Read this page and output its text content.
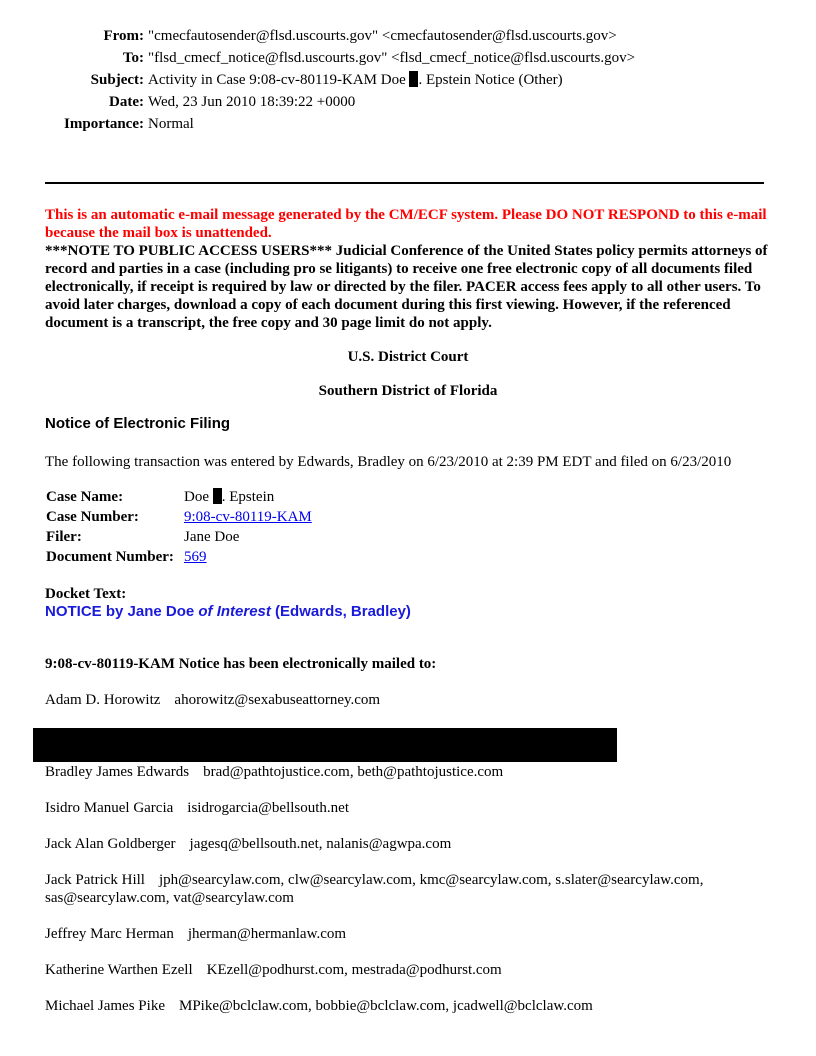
From: "cmecfautosender@flsd.uscourts.gov" <cmecfautosender@flsd.uscourts.gov>
To: "flsd_cmecf_notice@flsd.uscourts.gov" <flsd_cmecf_notice@flsd.uscourts.gov>
Subject: Activity in Case 9:08-cv-80119-KAM Doe . Epstein Notice (Other)
Date: Wed, 23 Jun 2010 18:39:22 +0000
Importance: Normal
This is an automatic e-mail message generated by the CM/ECF system. Please DO NOT RESPOND to this e-mail because the mail box is unattended.
***NOTE TO PUBLIC ACCESS USERS*** Judicial Conference of the United States policy permits attorneys of record and parties in a case (including pro se litigants) to receive one free electronic copy of all documents filed electronically, if receipt is required by law or directed by the filer. PACER access fees apply to all other users. To avoid later charges, download a copy of each document during this first viewing. However, if the referenced document is a transcript, the free copy and 30 page limit do not apply.
U.S. District Court
Southern District of Florida
Notice of Electronic Filing
The following transaction was entered by Edwards, Bradley on 6/23/2010 at 2:39 PM EDT and filed on 6/23/2010
Case Name:	Doe . Epstein
Case Number:	9:08-cv-80119-KAM
Filer:	Jane Doe
Document Number:	569
Docket Text:
NOTICE by Jane Doe of Interest (Edwards, Bradley)
9:08-cv-80119-KAM Notice has been electronically mailed to:
Adam D. Horowitz ahorowitz@sexabuseattorney.com
Bradley James Edwards brad@pathtojustice.com, beth@pathtojustice.com
Isidro Manuel Garcia isidrogarcia@bellsouth.net
Jack Alan Goldberger jagesq@bellsouth.net, nalanis@agwpa.com
Jack Patrick Hill jph@searcylaw.com, clw@searcylaw.com, kmc@searcylaw.com, s.slater@searcylaw.com, sas@searcylaw.com, vat@searcylaw.com
Jeffrey Marc Herman jherman@hermanlaw.com
Katherine Warthen Ezell KEzell@podhurst.com, mestrada@podhurst.com
Michael James Pike MPike@bclclaw.com, bobbie@bclclaw.com, jcadwell@bclclaw.com
